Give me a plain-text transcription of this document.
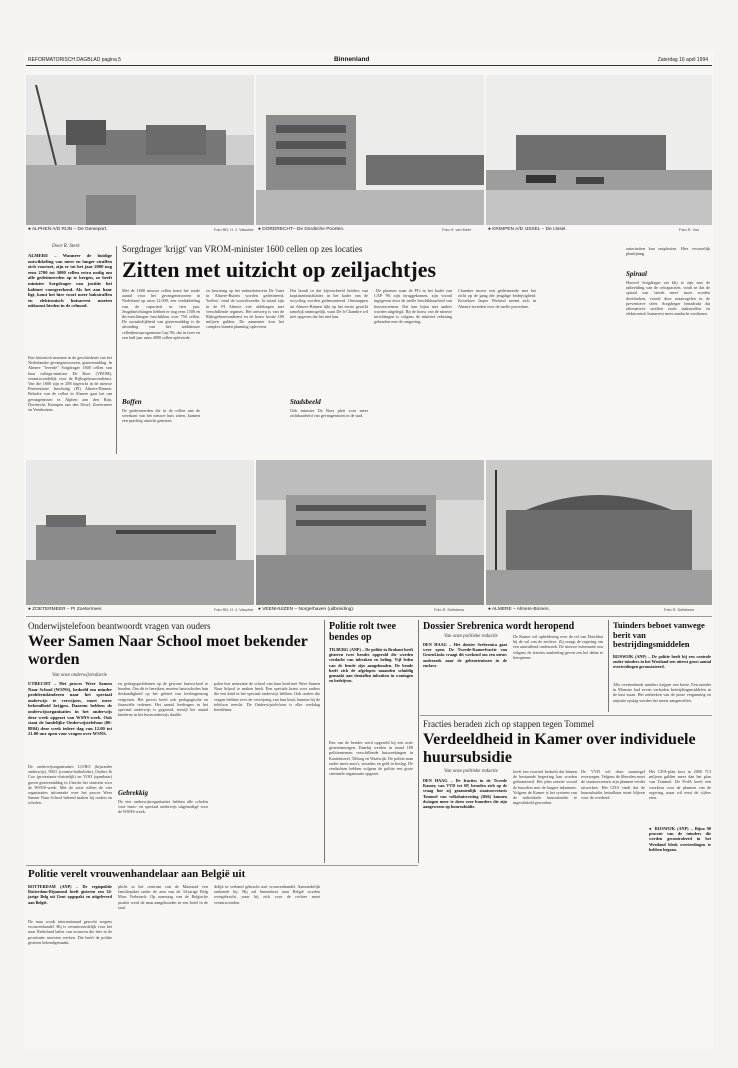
REFORMATORISCH DAGBLAD pagina 5	Binnenland	Zaterdag 16 april 1994
● ALPHEN A/D RIJN – De Genieport.	Foto RD, H. J. Visscher ● DORDRECHT– De Dordsche Poorten.	Foto H. van Meer	● KRIMPEN A/D IJSSEL – De IJssel.	Foto R. Vos
Door R. Sterk
ALMERE – Wanneer de huidige ontwikkeling van meer en langer straffen zich voortzet, zijn er tot het jaar 2000 nog eens 2700 tot 3000 cellen extra nodig om alle gedetineerden op te bergen, zo heeft minister Sorgdrager van justitie het kabinet voorgerekend. Als het aan haar ligt, komt het hier voort meer bakstraffen en elektronisch huisarrest moeten uitkomst bieden in de celnood.
Een historisch moment in de geschiedenis van het Nederlandse gevangeniswezen, gisteremiddag. In Almere "leverde" Sorgdrager 1600 cellen van haar collega-minister De Boer (VROM), verantwoordelijk voor de Rijksgebouwendienst. Van die 1600 zijn er 288 ingericht in de nieuwe Penitentiaire Inrichting (PI) Almere-Binnen. Behalve van de cellen in Almere gaat het om gevangenissen in Alphen aan den Rijn, Dordrecht, Krimpen aan den IJssel, Zoetermeer en Veenhuizen.
Sorgdrager 'krijgt' van VROM-minister 1600 cellen op zes locaties
Zitten met uitzicht op zeiljachtjes
Met de 1600 nieuwe cellen komt het totale aantal voor het gevangeniswezen in Nederland op ruim 12.000, een verdubbeling van de capaciteit in tien jaar. Jeugdinrichtingen hebben er nog eens 1500 en tbs-inrichtingen beschikken over 750 cellen. De oorzakelijkheid van gisteremiddag is de afronding van het ambitieuze cellenbouwprogramma Cap '96, dat in twee en een half jaar ruim 4000 cellen opleverde.
Boffen
De gedetineerden die in de cellen aan de weerkant van het nieuwe huis zitten, kunnen een prachtig uitzicht genieten.
zo bewaring op het industrieterrein De Vaart in Almere-Buiten worden gedetineerd, 'boffen', vond de woordvoerder. In totaal zijn in de PI Almere vier afdelingen met verschillende regimes. Het ontwerp is van de Rijksgebouwendienst en de bouw kostte 100 miljoen gulden. De aannemer kon het complex binnen planning opleveren.
Dat houdt in dat bijvoorbeeld bolders van kopiisteninstallaties in het kader van de recycling worden gedemonteerd. Ontsnappen uit Almere-Binnen lijkt op het eerste gezicht tamelijk ontmogelijk, want De Ir Chambre wil niet opgeven dat het niet kan.
Stadsbeeld
Ook minister De Boer pleit voor meer zichtbaarheid van gevangenissen in de stad.
..De plaatsen waar de PI's in het kader van CAP '96 zijn teruggekomen, zijn vooral ingegeven door de snelle beschikbaarheid van bouwterreinen. Dat kan bijna niet anders worden uitgelegd. Bij de bouw van de nieuwe inrichtingen is volgens de minister rekening gehouden met de omgeving.
Chambre moest een gedetineerde met het zicht op de gang der jeugdige bedrijvigheid. Kosteloze Jasper Wieland noemt zich in Almere tevreden over de snelle procedure.
autoriteiten kan ontplooien. Hier vrouwelijk plantijning.
Spiraal
Hoewel Sorgdrager zei blij te zijn met de uitbreiding van de celcapaciteit, vindt ze dat de spiraal van 'steeds meer' moet worden doorbroken, vooral door maatregelen in de preventieve sfeer. Sorgdrager benadrukt dat alternatieve straffen zoals taakstraffen en elektronisch huisarrest meer aandacht verdienen.
● ZOETERMEER – PI Zoetermeer.	Foto RD, H. J. Visscher ● VEENHUIZEN – Norgerhaven (uitbreiding).	Foto R. Dellekens	● ALMERE – Almere-Binnen.	Foto R. Dellekens
Onderwijstelefoon beantwoordt vragen van ouders
Weer Samen Naar School moet bekender worden
Van onze onderwijsredactie
UTRECHT – Het proces Weer Samen Naar School (WSNS), bedoeld om minder probleemkinderen naar het speciaal onderwijs te verwijzen, moet meer bekendheid krijgen. Daarom hebben de onderwijsorganisaties in het onderwijs deze week opgezet van WSNS-week. Ook staat de landelijke Onderwijstelefoon (06-8804) deze week iedere dag van 12.00 tot 21.00 uur open voor vragen over WSNS.
De onderwijsorganisaties LO/RO (bijzonder onderwijs), NKO (roomse-katholieke), Ouders & Coo (protestants-christelijk) en VOO (openbaar) gaven gisteremiddag in Utrecht het startsein voor de WSNS-week. Met de actie willen de vier organisaties informatie over het proces Weer Samen Naar School bekend maken bij ouders en scholen.
en gedragsproblemen op de gewone basisschool te houden. Om dit te bereiken, moeten basisscholen hun deskundigheid op het gebied van leerlingenzorg vergroten. Het proces heeft ook pedagogische en financiële redenen. Het aantal leerlingen in het speciaal onderwijs is gegroeid, terwijl het aantal kinderen in het basisonderwijs daalde.
Gebrekkig
De vier onderwijsorganisaties hebben alle scholen voor basis- en speciaal onderwijs uitgenodigd voor de WSNS-week.
palen hoe annexatie de school van haar kind met Weer Samen Naar School te maken heeft. Een speciale krant voor ouders die een kind in het speciaal onderwijs hebben. Ook ouders die vragen hebben over de verwijzing van hun kind, kunnen bij de telefoon terecht. De Onderwijstelefoon is elke werkdag bereikbaar.
Politie rolt twee bendes op
TILBURG (ANP) – De politie in Brabant heeft gisteren twee bendes opgerold die worden verdacht van inbraken en heling. Vijf leden van de bende zijn aangehouden. De bende heeft zich de afgelopen maanden schuldig gemaakt aan tientallen inbraken in woningen en bedrijven.
Een van de bendes werd opgerold bij een actie gisterenmorgen. Daarbij werden in totaal 180 politiemensen verschillende huiszoekingen in Kaatsheuvel, Tilburg en Waalwijk. De politie nam onder meer auto's, sieraden en geld in beslag. De verdachten hebben volgens de politie een grote criminele organisatie opgezet.
Dossier Srebrenica wordt heropend
Van onze politieke redactie
DEN HAAG – Het dossier Srebrenica gaat weer open. De Tweede-Kamerfractie van GroenLinks vraagt dit weekend om een nieuw onderzoek naar de gebeurtenissen in de enclave.
De Kamer wil opheldering over de rol van Dutchbat bij de val van de enclave. Zij vraagt de regering om een aanvullend onderzoek. De nieuwe informatie zou volgens de fracties aanleiding geven om het debat te heropenen.
Tuinders beboet vanwege berit van bestrijdingsmiddelen
RIJSWIJK (ANP) – De politie heeft bij een controle onder tuinders in het Westland een uiterst groot aantal overtredingen geconstateerd.
Alle overtredende tuinders krijgen een boete. Een tuinder in Monster had zeven verboden bestrijdingsmiddelen in de kast staan. Het ontbreken van de juiste vergunning en onjuiste opslag werden het meest aangetroffen.
Fracties beraden zich op stappen tegen Tommel
Verdeeldheid in Kamer over individuele huursubsidie
Van onze politieke redactie
DEN HAAG – De fracties in de Tweede Kamer, van VVD tot SP, beraden zich op de vraag hoe zij gezamenlijk staatssecretaris Tommel van volkshuisvesting (D66) kunnen dwingen meer te doen voor huurders die zijn aangewezen op huursubsidie.
heeft een voorstel bedacht dat binnen de bestaande begroting kan worden gefinancierd. Het plan ontziet vooral de huurders met de laagste inkomens. Volgens de Kamer is het systeem van de individuele huursubsidie te ingewikkeld geworden.
De VVD wil deze maatregel overwegen. Volgens de liberalen moet de staatssecretaris zijn plannen verder uitwerken. Het CDA vindt dat de huursubsidie betaalbaar moet blijven voor de overheid.
Het CDA-plan kost in 2000 713 miljoen gulden meer dan het plan van Tommel. De PvdA heeft een voorkeur voor de plannen van de regering, maar wil eerst de cijfers zien.
● RIJSWIJK (ANP) – Bijna 90 procent van de tuinders die werden gecontroleerd in het Westland bleek overtredingen te hebben begaan.
Politie verelt vrouwenhandelaar aan België uit
ROTTERDAM (ANP) – De regiopolitie Rotterdam-Rijnmond heeft gisteren een 34-jarige Belg uit Gent opgepakt en uitgeleverd aan België.
De man wordt internationaal gezocht wegens vrouwenhandel. Hij is verantwoordelijk voor het naar Nederland halen van vrouwen die hier in de prostitutie moesten werken. Dat heeft de politie gisteren bekendgemaakt.
plicht in het centrum van de Maasstad een familiepaket onder de arm van de 34-jarige Belg Marc Verbraeck. Op aanvraag van de Belgische justitie werd de man aangehouden in een hotel in de stad.
delijk in verband gebracht met vrouwenhandel. Aanvankelijk ontkende hij. Hij zal binnenkort naar België worden overgebracht, waar hij zich voor de rechter moet verantwoorden.
